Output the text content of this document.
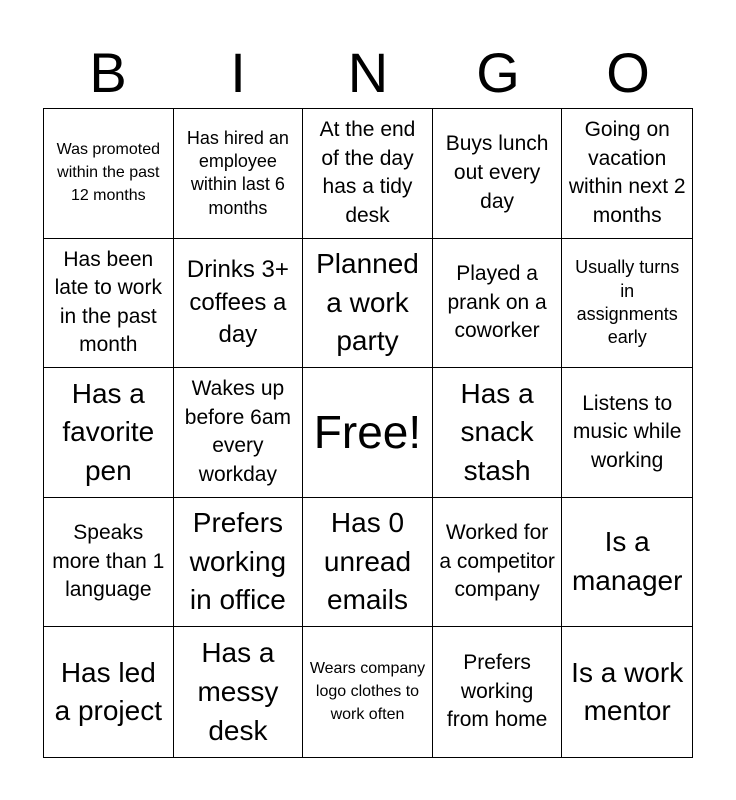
B	I	N	G	O
Was promoted within the past 12 months
Has hired an employee within last 6 months
At the end of the day has a tidy desk
Buys lunch out every day
Going on vacation within next 2 months
Has been late to work in the past month
Drinks 3+ coffees a day
Planned a work party
Played a prank on a coworker
Usually turns in assignments early
Has a favorite pen
Wakes up before 6am every workday
Free!
Has a snack stash
Listens to music while working
Speaks more than 1 language
Prefers working in office
Has 0 unread emails
Worked for a competitor company
Is a manager
Has led a project
Has a messy desk
Wears company logo clothes to work often
Prefers working from home
Is a work mentor
